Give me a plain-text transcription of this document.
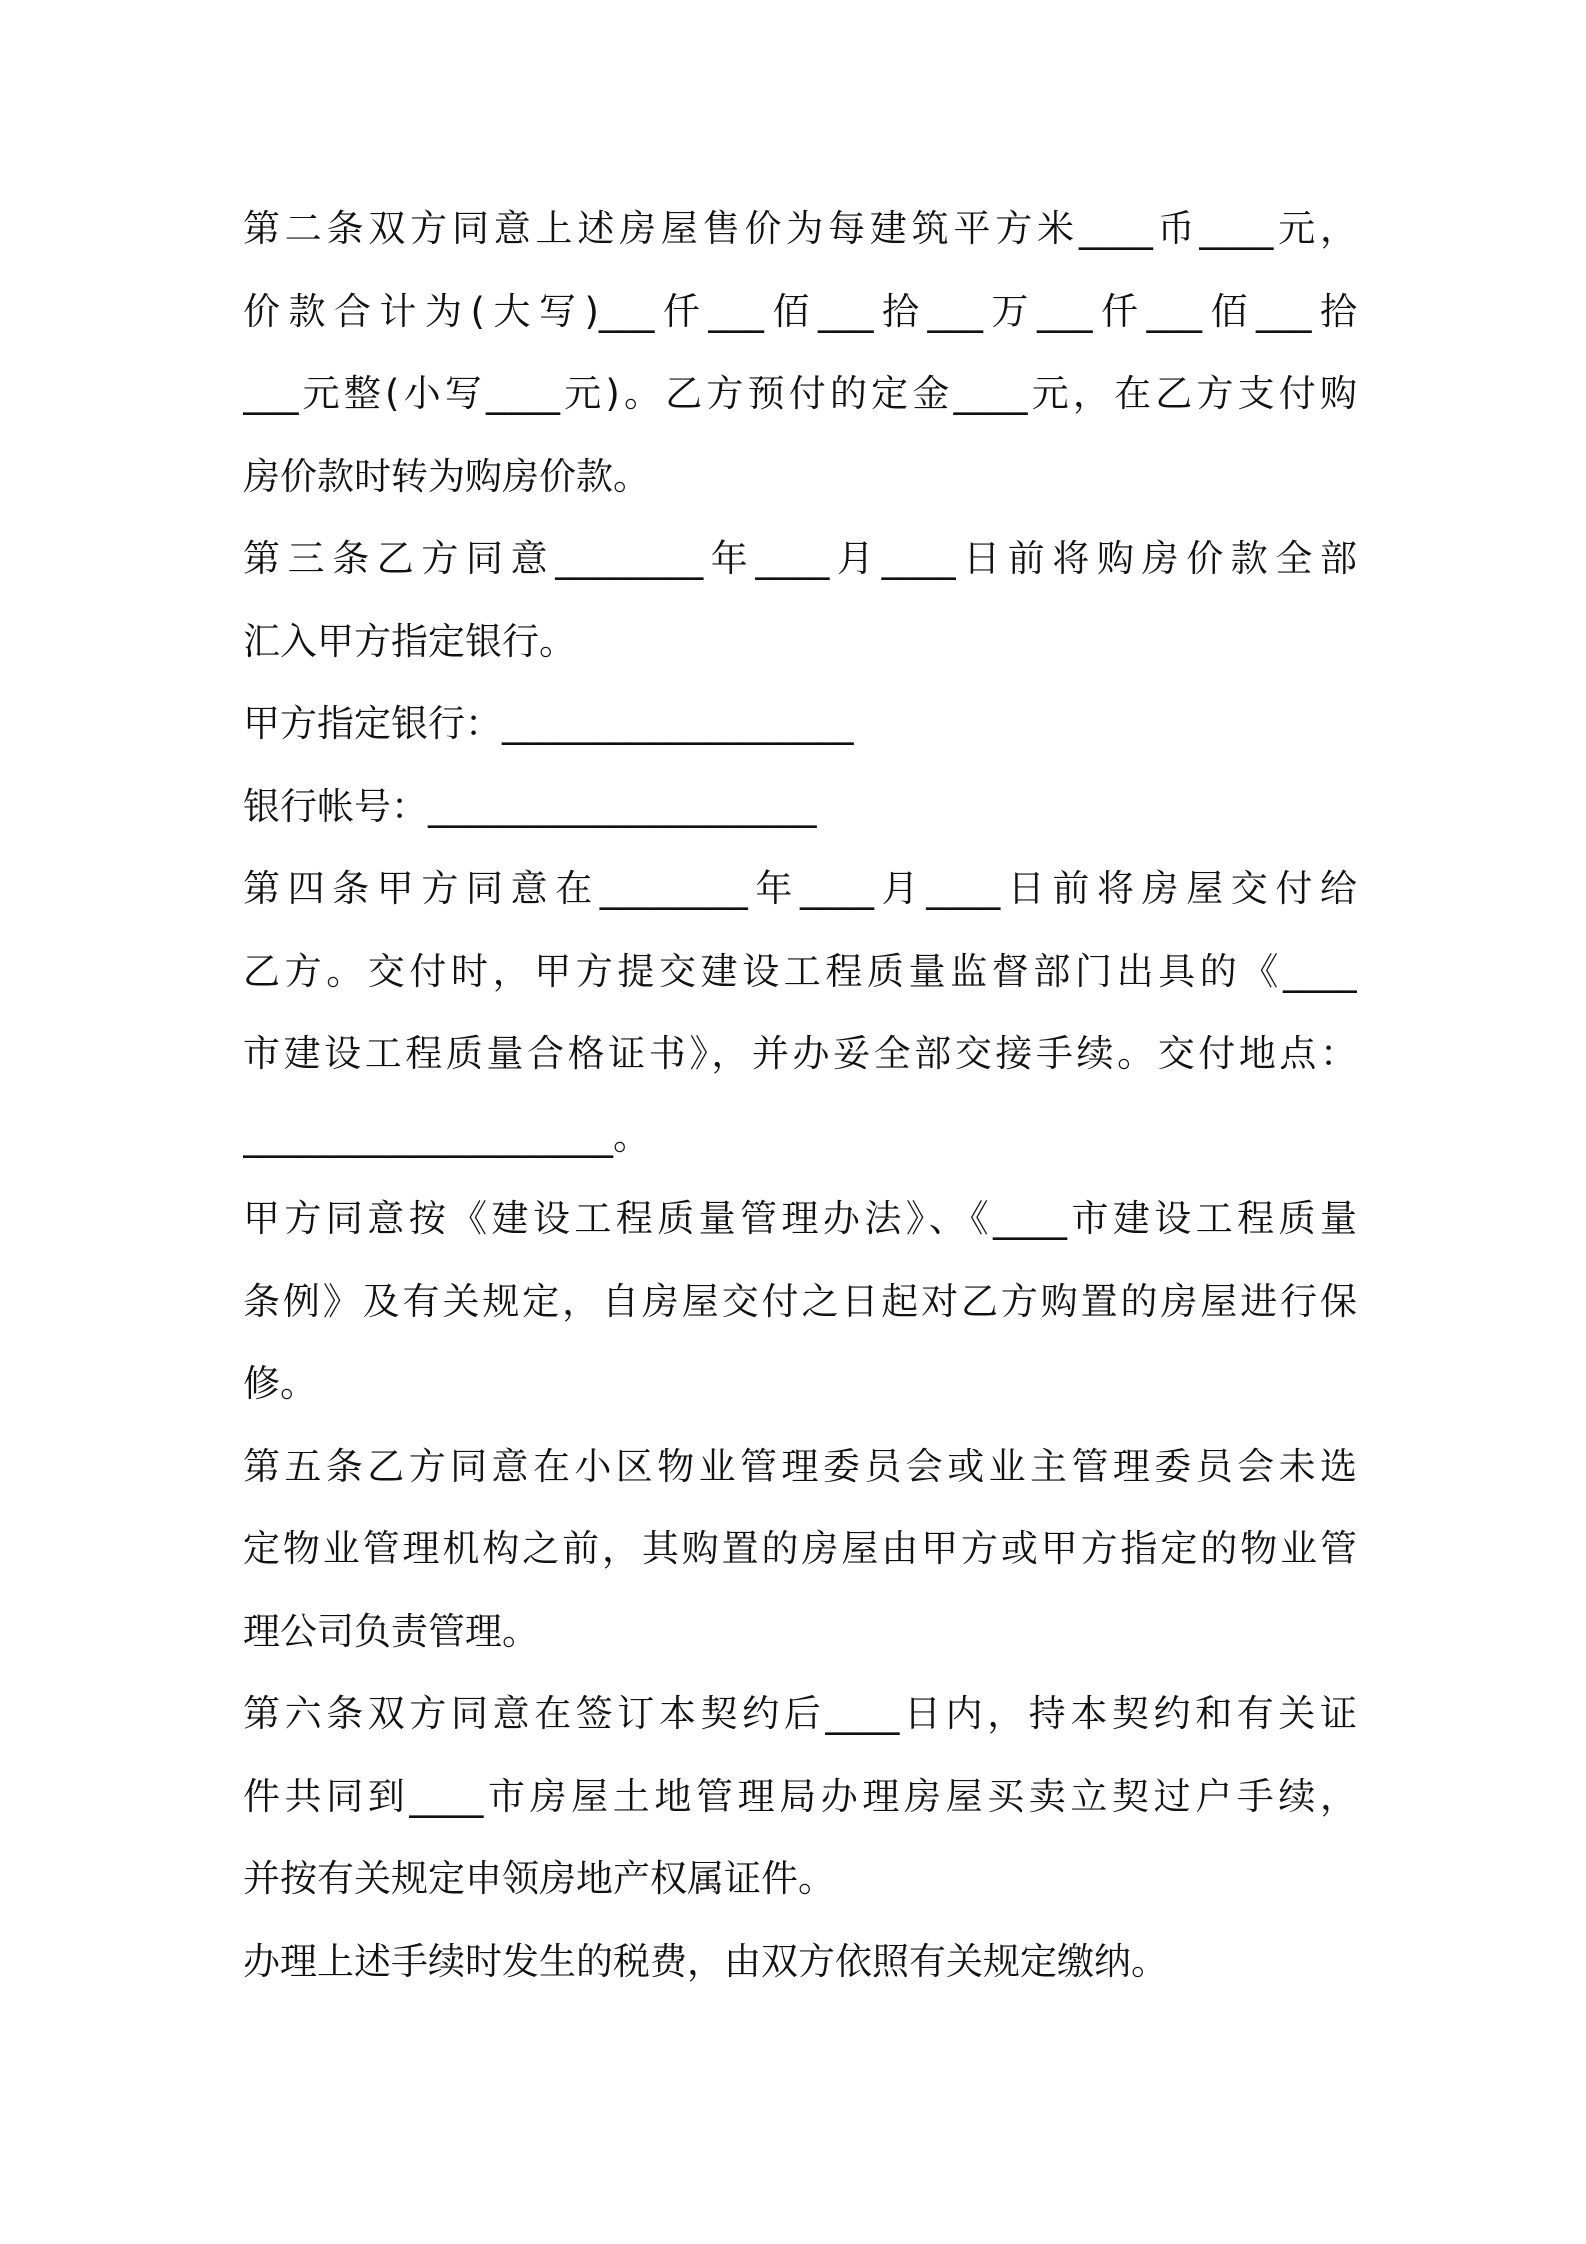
第二条双方同意上述房屋售价为每建筑平方米____币____元，
价款合计为(大写)___仟___佰___拾___万___仟___佰___拾
___元整(小写____元)。乙方预付的定金____元，在乙方支付购
房价款时转为购房价款。
第三条乙方同意________年____月____日前将购房价款全部
汇入甲方指定银行。
甲方指定银行：___________________
银行帐号：_____________________
第四条甲方同意在________年____月____日前将房屋交付给
乙方。交付时，甲方提交建设工程质量监督部门出具的《____
市建设工程质量合格证书》，并办妥全部交接手续。交付地点：
____________________。
甲方同意按《建设工程质量管理办法》、《____市建设工程质量
条例》及有关规定，自房屋交付之日起对乙方购置的房屋进行保
修。
第五条乙方同意在小区物业管理委员会或业主管理委员会未选
定物业管理机构之前，其购置的房屋由甲方或甲方指定的物业管
理公司负责管理。
第六条双方同意在签订本契约后____日内，持本契约和有关证
件共同到____市房屋土地管理局办理房屋买卖立契过户手续，
并按有关规定申领房地产权属证件。
办理上述手续时发生的税费，由双方依照有关规定缴纳。
